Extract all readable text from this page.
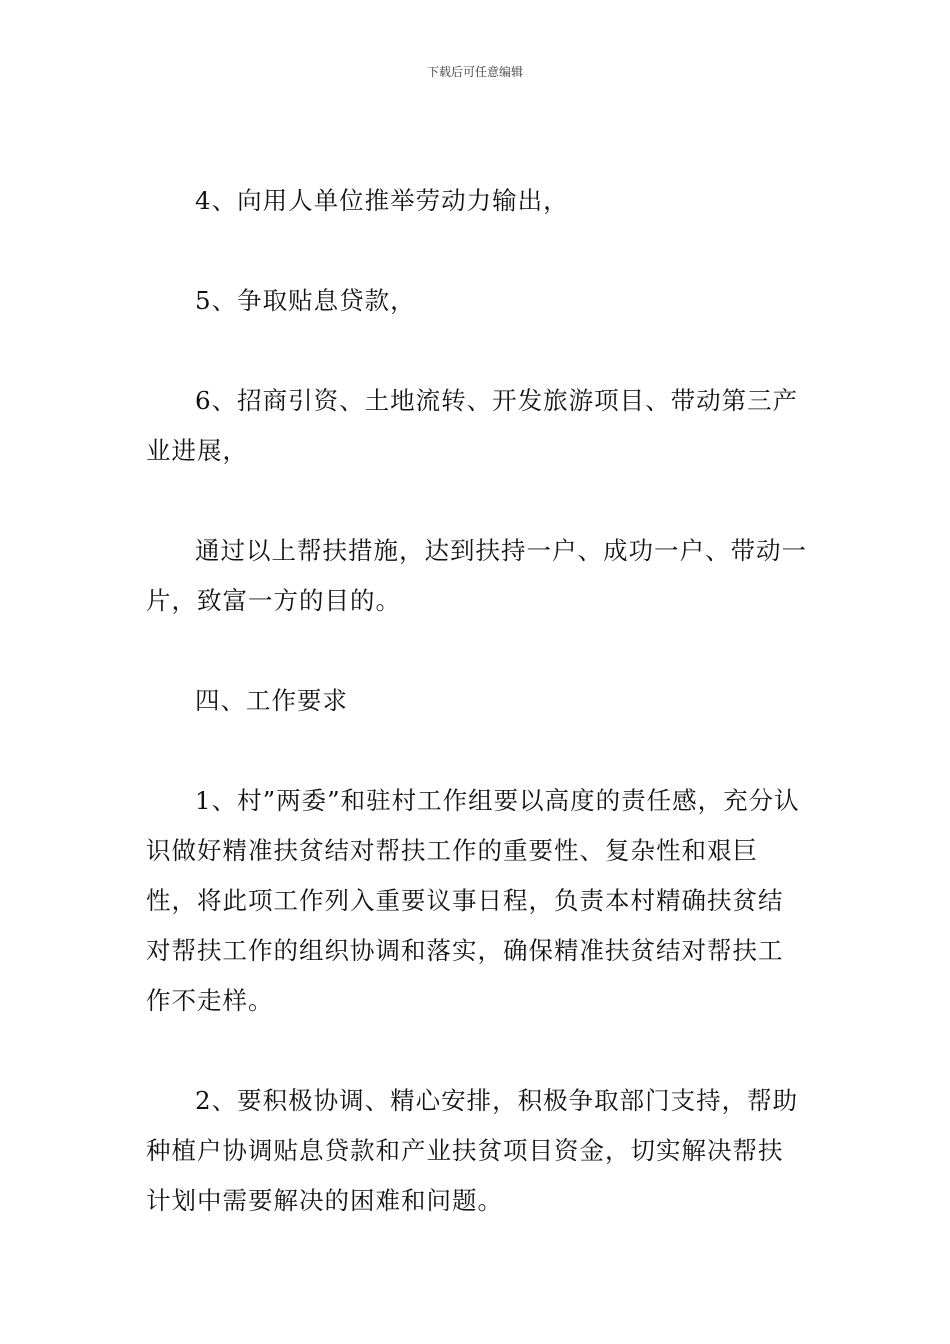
下载后可任意编辑

4、向用人单位推举劳动力输出，

5、争取贴息贷款，

6、招商引资、土地流转、开发旅游项目、带动第三产业进展，

通过以上帮扶措施，达到扶持一户、成功一户、带动一片，致富一方的目的。

四、工作要求

1、村”两委”和驻村工作组要以高度的责任感，充分认识做好精准扶贫结对帮扶工作的重要性、复杂性和艰巨性，将此项工作列入重要议事日程，负责本村精确扶贫结对帮扶工作的组织协调和落实，确保精准扶贫结对帮扶工作不走样。

2、要积极协调、精心安排，积极争取部门支持，帮助种植户协调贴息贷款和产业扶贫项目资金，切实解决帮扶计划中需要解决的困难和问题。
